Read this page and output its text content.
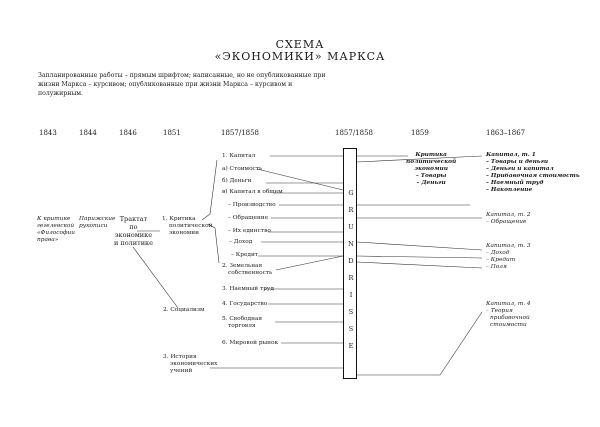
СХЕМА
«ЭКОНОМИКИ» МАРКСА
Запланированные работы – прямым шрифтом; написанные, но не опубликованные при жизни Маркса – курсивом; опубликованные при жизни Маркса – курсивом и полужирным.
1843	1844	1846	1851	1857/1858	1857/1858	1859	1863–1867
К критике
гегелевской
«Философии
права»
Парижские
рукописи
Трактат
по
экономике
и политике
1. Критика
политической
экономии
2. Социализм
3. История
экономических
учений
1. Капитал
а) Стоимость
б) Деньги
в) Капитал в общем
– Производство
– Обращение
– Их единство
– Доход
– Кредит
2. Земельная
собственность
3. Наемный труд
4. Государство
5. Свободная
торговля
6. Мировой рынок
G
R
U
N
D
R
I
S
S
E
Критика
политической
экономии
– Товары
– Деньги
Капитал, т. 1
– Товары и деньги
– Деньги и капитал
– Прибавочная стоимость
– Наемный труд
– Накопление
Капитал, т. 2
– Обращение
Капитал, т. 3
– Доход
– Кредит
– Поля
Капитал, т. 4
– Теория
прибавочной
стоимости
